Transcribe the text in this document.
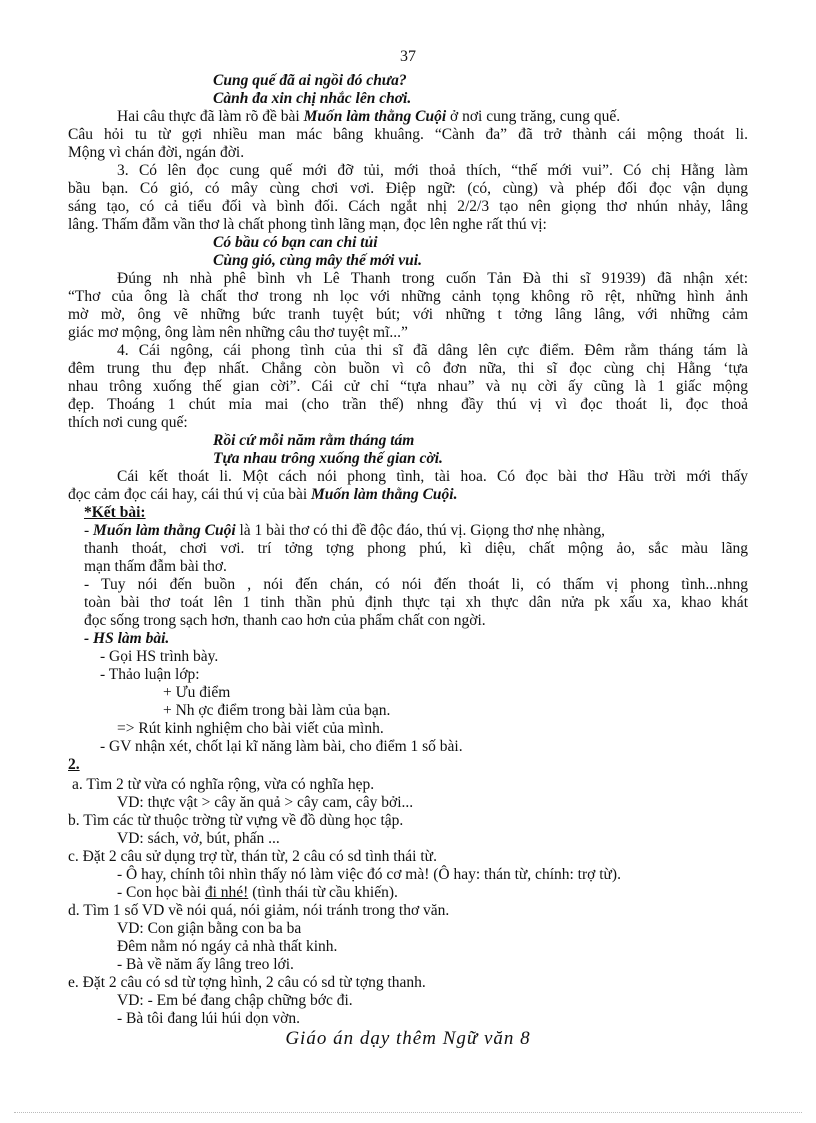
37
Cung quế đã ai ngồi đó chưa?
Cành đa xin chị nhắc lên chơi.
Hai câu thực đã làm rõ đề bài Muốn làm thằng Cuội ở nơi cung trăng, cung quế.
Câu hỏi tu từ gợi nhiều man mác bâng khuâng. “Cành đa” đã trở thành cái mộng thoát li.
Mộng vì chán đời, ngán đời.
3. Có lên đọc cung quế mới đỡ tủi, mới thoả thích, “thế mới vui”. Có chị Hằng làm
bầu bạn. Có gió, có mây cùng chơi vơi. Điệp ngữ: (có, cùng) và phép đối đọc vận dụng
sáng tạo, có cả tiểu đối và bình đối. Cách ngắt nhị 2/2/3 tạo nên giọng thơ nhún nhảy, lâng
lâng. Thấm đẫm vần thơ là chất phong tình lãng mạn, đọc lên nghe rất thú vị:
Có bầu có bạn can chi tủi
Cùng gió, cùng mây thế mới vui.
Đúng nh nhà phê bình vh Lê Thanh trong cuốn Tản Đà thi sĩ 91939) đã nhận xét:
“Thơ của ông là chất thơ trong nh lọc với những cảnh tọng không rõ rệt, những hình ảnh
mờ mờ, ông vẽ những bức tranh tuyệt bút; với những t tởng lâng lâng, với những cảm
giác mơ mộng, ông làm nên những câu thơ tuyệt mĩ...”
4. Cái ngông, cái phong tình của thi sĩ đã dâng lên cực điểm. Đêm rằm tháng tám là
đêm trung thu đẹp nhất. Chẳng còn buồn vì cô đơn nữa, thi sĩ đọc cùng chị Hằng ‘tựa
nhau trông xuống thế gian cời”. Cái cử chỉ “tựa nhau” và nụ cời ấy cũng là 1 giấc mộng
đẹp. Thoáng 1 chút mỉa mai (cho trần thế) nhng đầy thú vị vì đọc thoát li, đọc thoả
thích nơi cung quế:
Rồi cứ mỗi năm rằm tháng tám
Tựa nhau trông xuống thế gian cời.
Cái kết thoát li. Một cách nói phong tình, tài hoa. Có đọc bài thơ Hầu trời mới thấy
đọc cảm đọc cái hay, cái thú vị của bài Muốn làm thằng Cuội.
*Kết bài:
- Muốn làm thằng Cuội là 1 bài thơ có thi đề độc đáo, thú vị. Giọng thơ nhẹ nhàng,
thanh thoát, chơi vơi. trí tởng tợng phong phú, kì diệu, chất mộng ảo, sắc màu lãng
mạn thấm đẫm bài thơ.
- Tuy nói đến buồn , nói đến chán, có nói đến thoát li, có thấm vị phong tình...nhng
toàn bài thơ toát lên 1 tinh thần phủ định thực tại xh thực dân nửa pk xấu xa, khao khát
đọc sống trong sạch hơn, thanh cao hơn của phẩm chất con ngời.
- HS làm bài.
- Gọi HS trình bày.
- Thảo luận lớp:
+ Ưu điểm
+ Nh ợc điểm trong bài làm của bạn.
=> Rút kinh nghiệm cho bài viết của mình.
- GV nhận xét, chốt lại kĩ năng làm bài, cho điểm 1 số bài.
2.
a. Tìm 2 từ vừa có nghĩa rộng, vừa có nghĩa hẹp.
VD: thực vật > cây ăn quả > cây cam, cây bởi...
b. Tìm các từ thuộc trờng từ vựng về đồ dùng học tập.
VD: sách, vở, bút, phấn ...
c. Đặt 2 câu sử dụng trợ từ, thán từ, 2 câu có sd tình thái từ.
- Ô hay, chính tôi nhìn thấy nó làm việc đó cơ mà! (Ô hay: thán từ, chính: trợ từ).
- Con học bài đi nhé! (tình thái từ cầu khiến).
d. Tìm 1 số VD về nói quá, nói giảm, nói tránh trong thơ văn.
VD: Con giận bằng con ba ba
Đêm nằm nó ngáy cả nhà thất kinh.
- Bà về năm ấy lâng treo lới.
e. Đặt 2 câu có sd từ tợng hình, 2 câu có sd từ tợng thanh.
VD: - Em bé đang chập chững bớc đi.
- Bà tôi đang lúi húi dọn vờn.
Giáo án dạy thêm Ngữ văn 8
